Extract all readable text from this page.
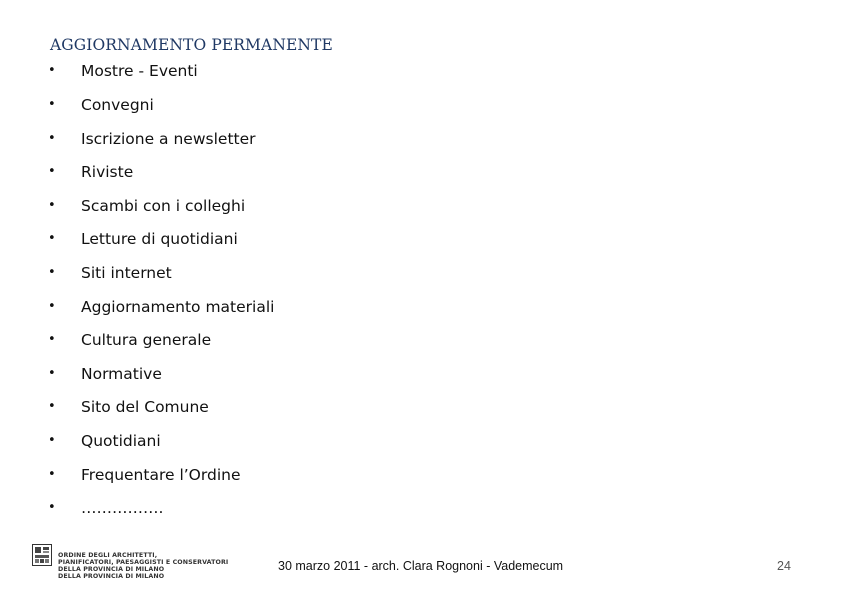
AGGIORNAMENTO PERMANENTE
•	Mostre - Eventi
•	Convegni
•	Iscrizione a newsletter
•	Riviste
•	Scambi con i colleghi
•	Letture di quotidiani
•	Siti internet
•	Aggiornamento materiali
•	Cultura generale
•	Normative
•	Sito del Comune
•	Quotidiani
•	Frequentare l’Ordine
•	…………….
ORDINE DEGLI ARCHITETTI,
PIANIFICATORI, PAESAGGISTI E CONSERVATORI
DELLA PROVINCIA DI MILANO
DELLA PROVINCIA DI MILANO
30 marzo 2011 - arch. Clara Rognoni - Vademecum	24
